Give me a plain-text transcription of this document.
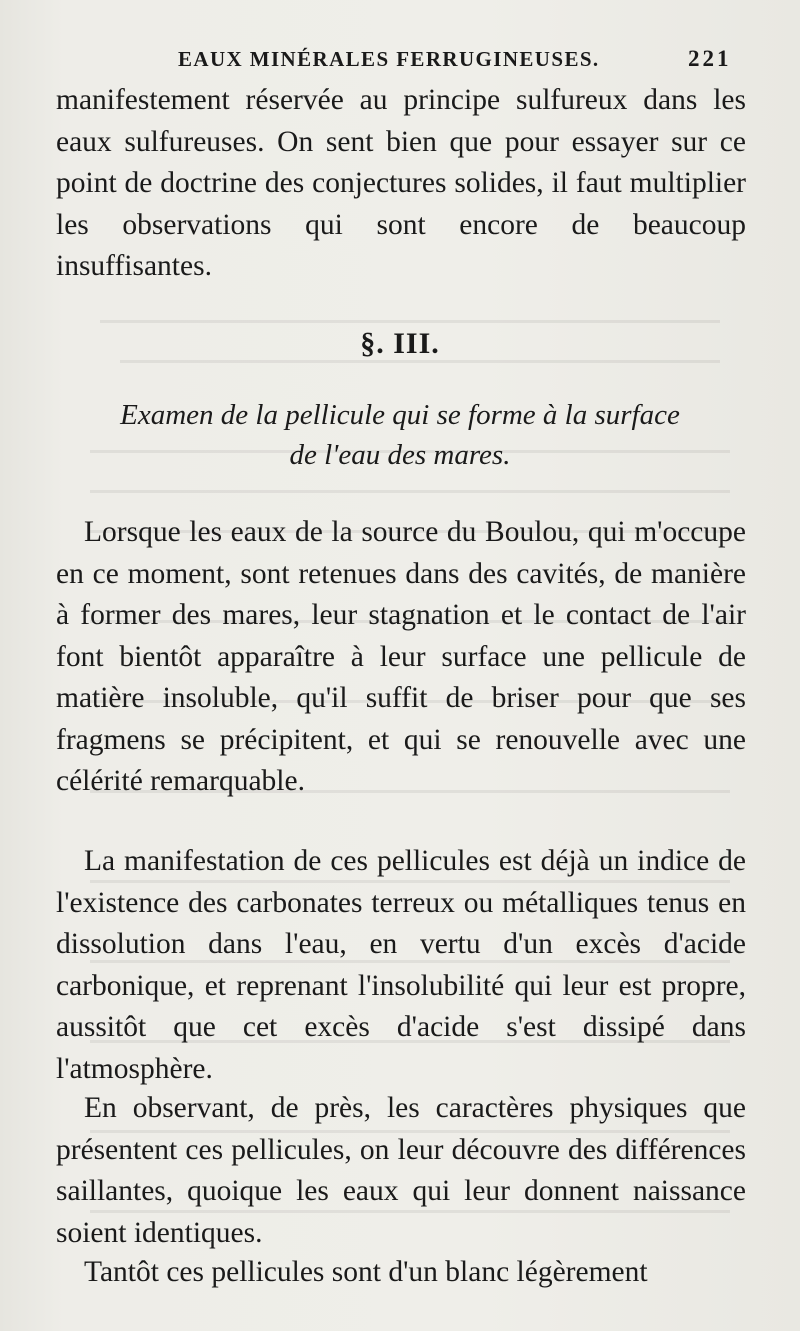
EAUX MINÉRALES FERRUGINEUSES.	221
manifestement réservée au principe sulfureux dans les eaux sulfureuses. On sent bien que pour essayer sur ce point de doctrine des conjectures solides, il faut multiplier les observations qui sont encore de beaucoup insuffisantes.
§. III.
Examen de la pellicule qui se forme à la surface
de l'eau des mares.
Lorsque les eaux de la source du Boulou, qui m'occupe en ce moment, sont retenues dans des cavités, de manière à former des mares, leur stagnation et le contact de l'air font bientôt apparaître à leur surface une pellicule de matière insoluble, qu'il suffit de briser pour que ses fragmens se précipitent, et qui se renouvelle avec une célérité remarquable.
La manifestation de ces pellicules est déjà un indice de l'existence des carbonates terreux ou métalliques tenus en dissolution dans l'eau, en vertu d'un excès d'acide carbonique, et reprenant l'insolubilité qui leur est propre, aussitôt que cet excès d'acide s'est dissipé dans l'atmosphère.
En observant, de près, les caractères physiques que présentent ces pellicules, on leur découvre des différences saillantes, quoique les eaux qui leur donnent naissance soient identiques.
Tantôt ces pellicules sont d'un blanc légèrement
